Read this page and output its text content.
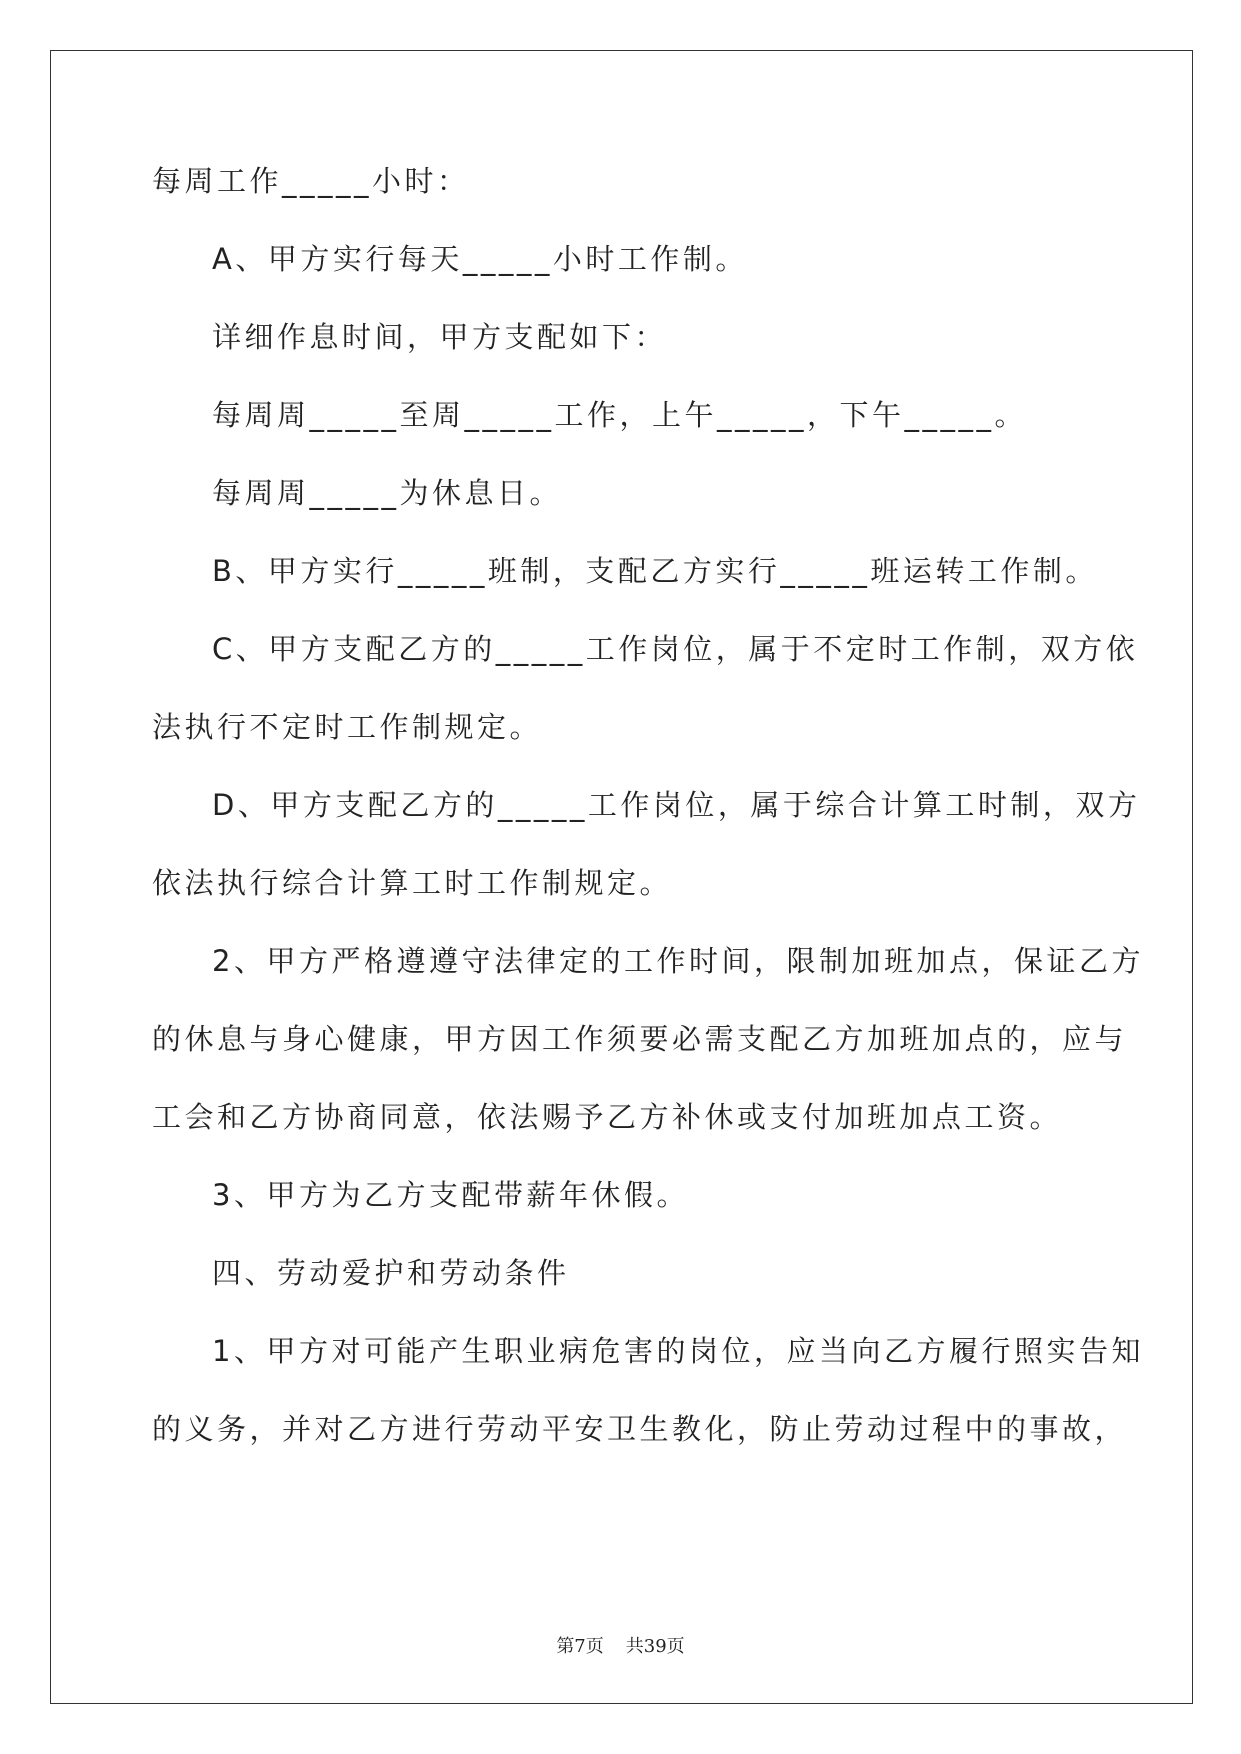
每周工作_____小时：
A、甲方实行每天_____小时工作制。
详细作息时间，甲方支配如下：
每周周_____至周_____工作，上午_____，下午_____。
每周周_____为休息日。
B、甲方实行_____班制，支配乙方实行_____班运转工作制。
C、甲方支配乙方的_____工作岗位，属于不定时工作制，双方依
法执行不定时工作制规定。
D、甲方支配乙方的_____工作岗位，属于综合计算工时制，双方
依法执行综合计算工时工作制规定。
2、甲方严格遵遵守法律定的工作时间，限制加班加点，保证乙方
的休息与身心健康，甲方因工作须要必需支配乙方加班加点的，应与
工会和乙方协商同意，依法赐予乙方补休或支付加班加点工资。
3、甲方为乙方支配带薪年休假。
四、劳动爱护和劳动条件
1、甲方对可能产生职业病危害的岗位，应当向乙方履行照实告知
的义务，并对乙方进行劳动平安卫生教化，防止劳动过程中的事故，
第7页 共39页
